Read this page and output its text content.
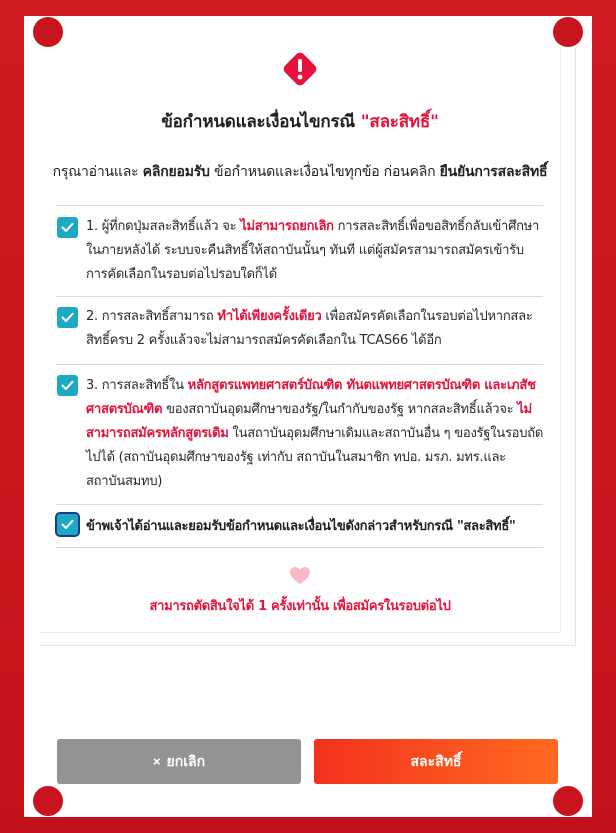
ข้อกำหนดและเงื่อนไขกรณี "สละสิทธิ์"
กรุณาอ่านและ คลิกยอมรับ ข้อกำหนดและเงื่อนไขทุกข้อ ก่อนคลิก ยืนยันการสละสิทธิ์
1. ผู้ที่กดปุ่มสละสิทธิ์แล้ว จะ ไม่สามารถยกเลิก การสละสิทธิ์เพื่อขอสิทธิ์กลับเข้าศึกษาในภายหลังได้ ระบบจะคืนสิทธิ์ให้สถาบันนั้นๆ ทันที แต่ผู้สมัครสามารถสมัครเข้ารับการคัดเลือกในรอบต่อไปรอบใดก็ได้
2. การสละสิทธิ์สามารถ ทำได้เพียงครั้งเดียว เพื่อสมัครคัดเลือกในรอบต่อไปหากสละสิทธิ์ครบ 2 ครั้งแล้วจะไม่สามารถสมัครคัดเลือกใน TCAS66 ได้อีก
3. การสละสิทธิ์ใน หลักสูตรแพทยศาสตร์บัณฑิต ทันตแพทยศาสตรบัณฑิต และเภสัชศาสตรบัณฑิต ของสถาบันอุดมศึกษาของรัฐ/ในกำกับของรัฐ หากสละสิทธิ์แล้วจะ ไม่สามารถสมัครหลักสูตรเดิม ในสถาบันอุดมศึกษาเดิมและสถาบันอื่น ๆ ของรัฐในรอบถัดไปได้ (สถาบันอุดมศึกษาของรัฐ เท่ากับ สถาบันในสมาชิก ทปอ. มรภ. มทร.และสถาบันสมทบ)
ข้าพเจ้าได้อ่านและยอมรับข้อกำหนดและเงื่อนไขดังกล่าวสำหรับกรณี "สละสิทธิ์"
สามารถตัดสินใจได้ 1 ครั้งเท่านั้น เพื่อสมัครในรอบต่อไป
× ยกเลิก	สละสิทธิ์
